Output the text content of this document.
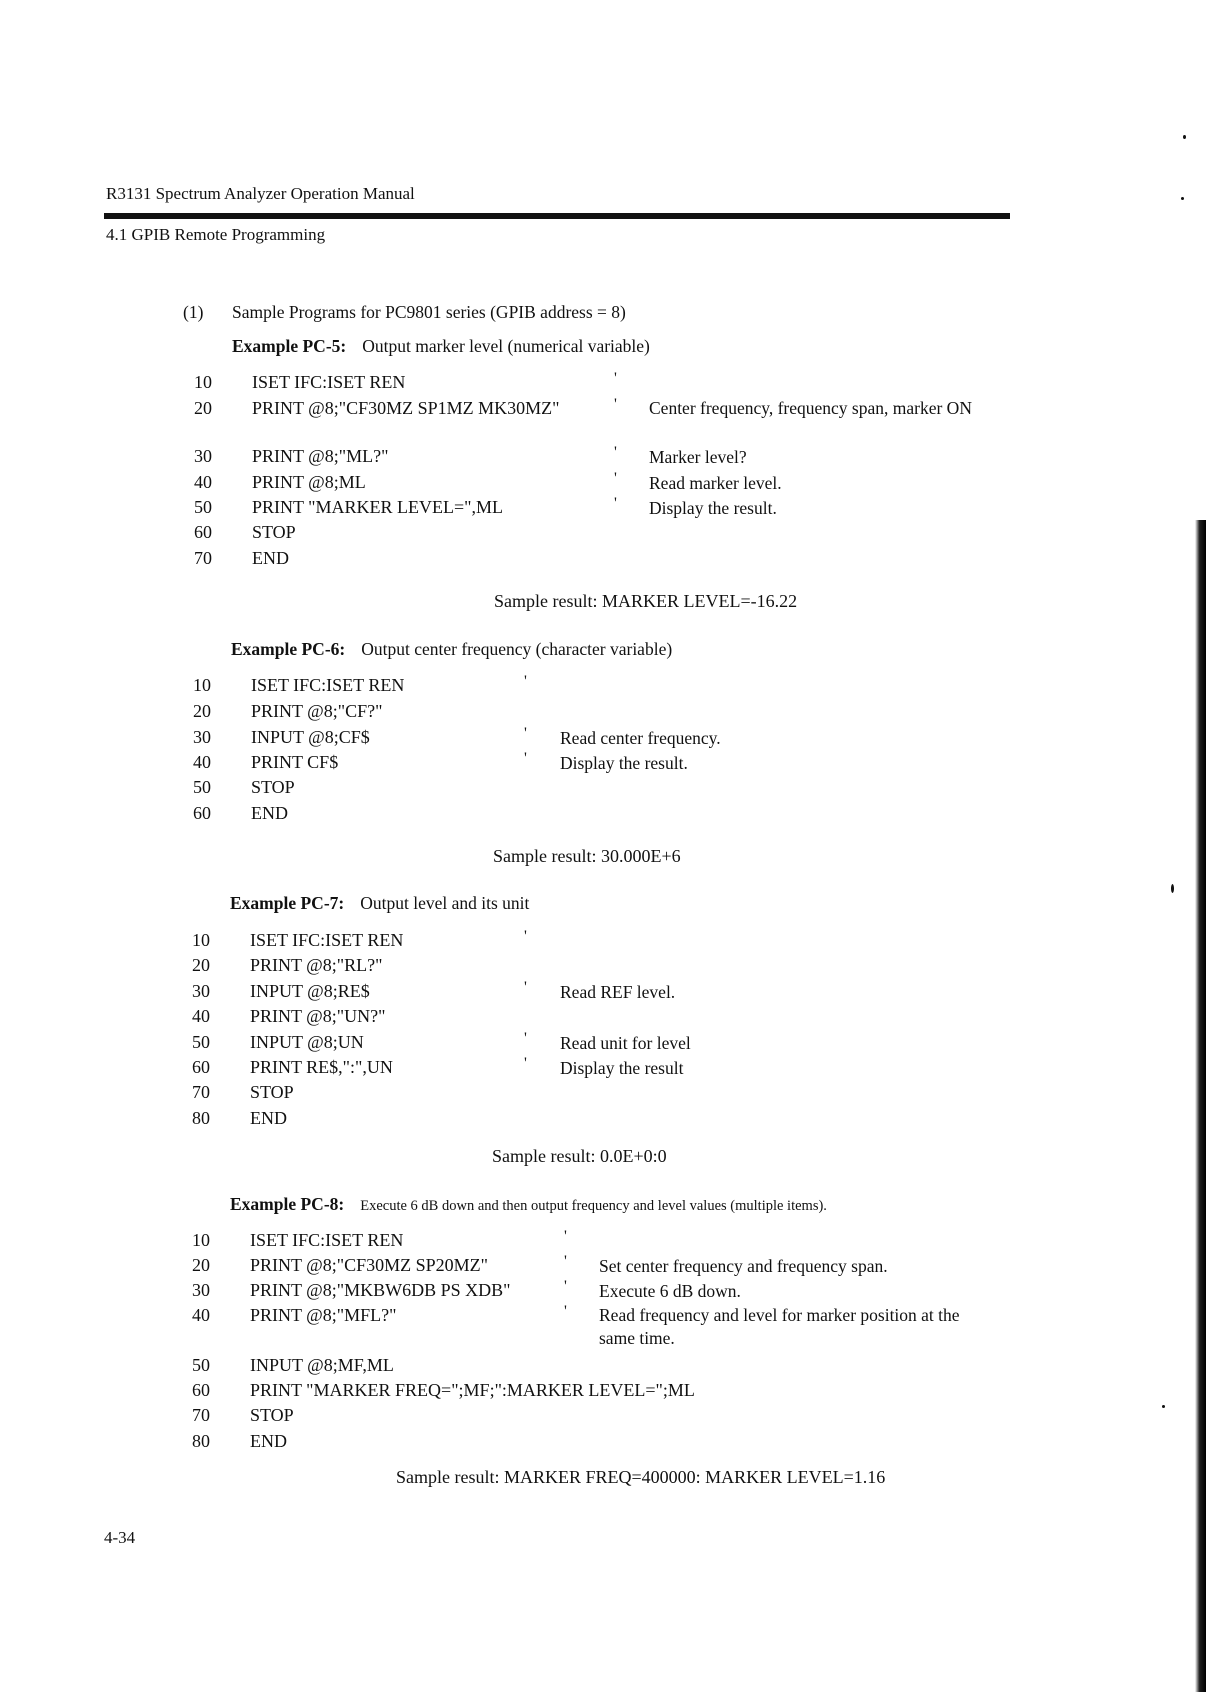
R3131 Spectrum Analyzer Operation Manual
4.1 GPIB Remote Programming
(1) Sample Programs for PC9801 series (GPIB address = 8)
Example PC-5: Output marker level (numerical variable)
10 ISET IFC:ISET REN	'
20 PRINT @8;"CF30MZ SP1MZ MK30MZ"	' Center frequency, frequency span, marker ON
30 PRINT @8;"ML?"	' Marker level?
40 PRINT @8;ML	' Read marker level.
50 PRINT "MARKER LEVEL=",ML	' Display the result.
60 STOP
70 END
Sample result: MARKER LEVEL=-16.22
Example PC-6: Output center frequency (character variable)
10 ISET IFC:ISET REN	'
20 PRINT @8;"CF?"
30 INPUT @8;CF$	' Read center frequency.
40 PRINT CF$	' Display the result.
50 STOP
60 END
Sample result: 30.000E+6
Example PC-7: Output level and its unit
10 ISET IFC:ISET REN	'
20 PRINT @8;"RL?"
30 INPUT @8;RE$	' Read REF level.
40 PRINT @8;"UN?"
50 INPUT @8;UN	' Read unit for level
60 PRINT RE$,":",UN	' Display the result
70 STOP
80 END
Sample result: 0.0E+0:0
Example PC-8: Execute 6 dB down and then output frequency and level values (multiple items).
10 ISET IFC:ISET REN	'
20 PRINT @8;"CF30MZ SP20MZ"	' Set center frequency and frequency span.
30 PRINT @8;"MKBW6DB PS XDB"	' Execute 6 dB down.
40 PRINT @8;"MFL?"	' Read frequency and level for marker position at the same time.
50 INPUT @8;MF,ML
60 PRINT "MARKER FREQ=";MF;":MARKER LEVEL=";ML
70 STOP
80 END
Sample result: MARKER FREQ=400000: MARKER LEVEL=1.16
4-34
